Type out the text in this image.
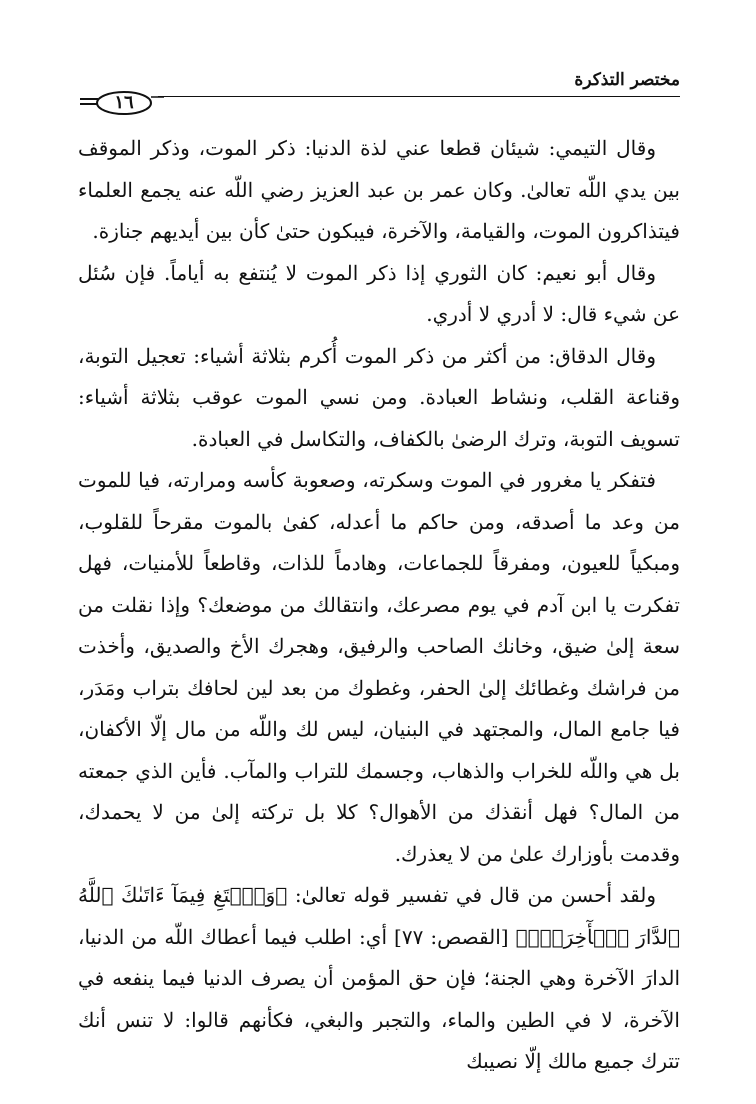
مختصر التذكرة
١٦

وقال التيمي: شيئان قطعا عني لذة الدنيا: ذكر الموت، وذكر الموقف بين يدي اللّه تعالىٰ. وكان عمر بن عبد العزيز رضي اللّه عنه يجمع العلماء فيتذاكرون الموت، والقيامة، والآخرة، فيبكون حتىٰ كأن بين أيديهم جنازة.

وقال أبو نعيم: كان الثوري إذا ذكر الموت لا يُنتفع به أياماً. فإن سُئل عن شيء قال: لا أدري لا أدري.

وقال الدقاق: من أكثر من ذكر الموت أُكرم بثلاثة أشياء: تعجيل التوبة، وقناعة القلب، ونشاط العبادة. ومن نسي الموت عوقب بثلاثة أشياء: تسويف التوبة، وترك الرضىٰ بالكفاف، والتكاسل في العبادة.

فتفكر يا مغرور في الموت وسكرته، وصعوبة كأسه ومرارته، فيا للموت من وعد ما أصدقه، ومن حاكم ما أعدله، كفىٰ بالموت مقرحاً للقلوب، ومبكياً للعيون، ومفرقاً للجماعات، وهادماً للذات، وقاطعاً للأمنيات، فهل تفكرت يا ابن آدم في يوم مصرعك، وانتقالك من موضعك؟ وإذا نقلت من سعة إلىٰ ضيق، وخانك الصاحب والرفيق، وهجرك الأخ والصديق، وأخذت من فراشك وغطائك إلىٰ الحفر، وغطوك من بعد لين لحافك بتراب ومَدَر، فيا جامع المال، والمجتهد في البنيان، ليس لك واللّه من مال إلّا الأكفان، بل هي واللّه للخراب والذهاب، وجسمك للتراب والمآب. فأين الذي جمعته من المال؟ فهل أنقذك من الأهوال؟ كلا بل تركته إلىٰ من لا يحمدك، وقدمت بأوزارك علىٰ من لا يعذرك.

ولقد أحسن من قال في تفسير قوله تعالىٰ: ﴿وَٱبۡتَغِ فِيمَآ ءَاتَىٰكَ ٱللَّهُ ٱلدَّارَ ٱلۡأٓخِرَةَۖ﴾ [القصص: ٧٧] أي: اطلب فيما أعطاك اللّه من الدنيا، الدارَ الآخرة وهي الجنة؛ فإن حق المؤمن أن يصرف الدنيا فيما ينفعه في الآخرة، لا في الطين والماء، والتجبر والبغي، فكأنهم قالوا: لا تنس أنك تترك جميع مالك إلّا نصيبك
